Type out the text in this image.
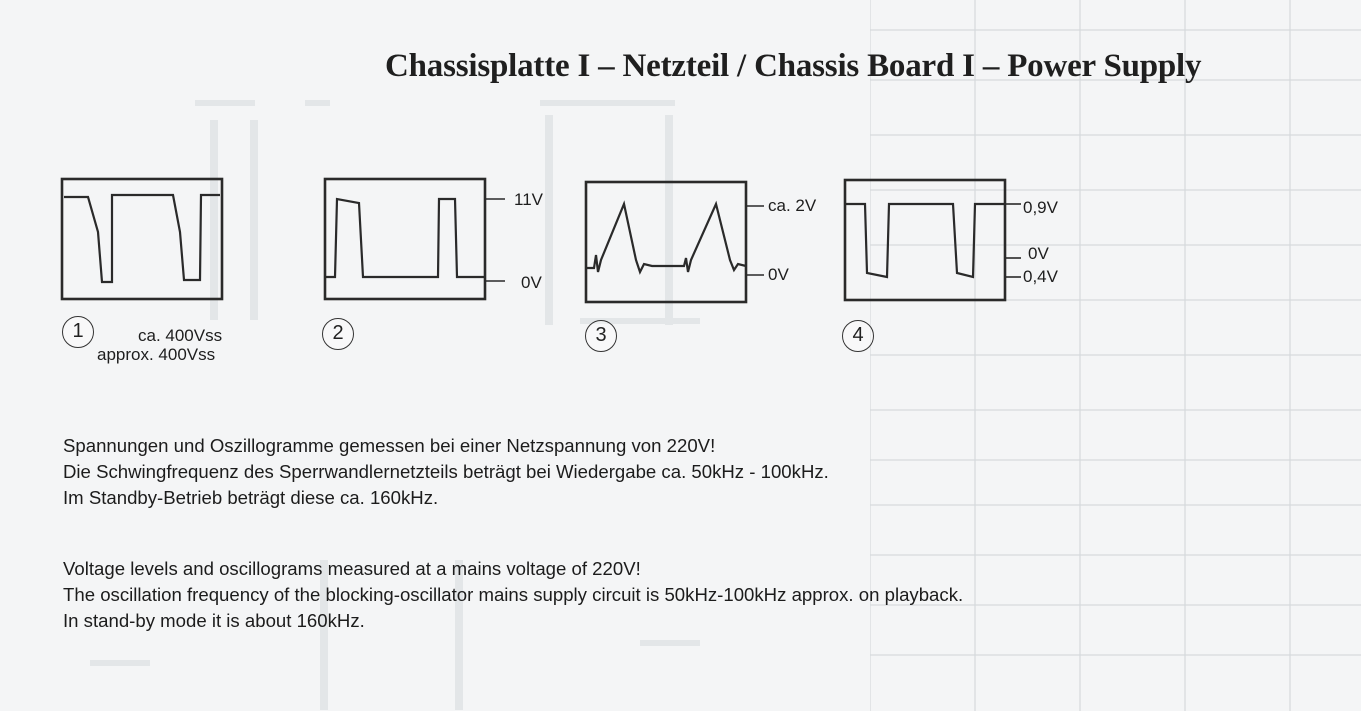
Chassisplatte I – Netzteil / Chassis Board I – Power Supply
1	ca. 400Vss
approx. 400Vss
11V
0V
2
ca. 2V
0V
3
0,9V
0V
0,4V
4

Spannungen und Oszillogramme gemessen bei einer Netzspannung von 220V!

Die Schwingfrequenz des Sperrwandlernetzteils beträgt bei Wiedergabe ca. 50kHz - 100kHz.

Im Standby-Betrieb beträgt diese ca. 160kHz.

Voltage levels and oscillograms measured at a mains voltage of 220V!

The oscillation frequency of the blocking-oscillator mains supply circuit is 50kHz-100kHz approx. on playback.

In stand-by mode it is about 160kHz.
